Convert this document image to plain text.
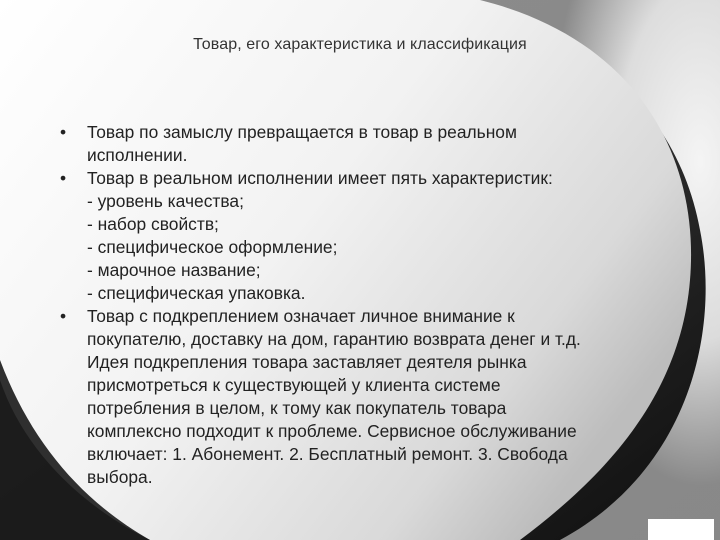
Товар, его характеристика и классификация
• Товар по замыслу превращается в товар в реальном
исполнении.
• Товар в реальном исполнении имеет пять характеристик:
- уровень качества;
- набор свойств;
- специфическое оформление;
- марочное название;
- специфическая упаковка.
• Товар с подкреплением означает личное внимание к
покупателю, доставку на дом, гарантию возврата денег и т.д.
Идея подкрепления товара заставляет деятеля рынка
присмотреться к существующей у клиента системе
потребления в целом, к тому как покупатель товара
комплексно подходит к проблеме. Сервисное обслуживание
включает: 1. Абонемент. 2. Бесплатный ремонт. 3. Свобода
выбора.
